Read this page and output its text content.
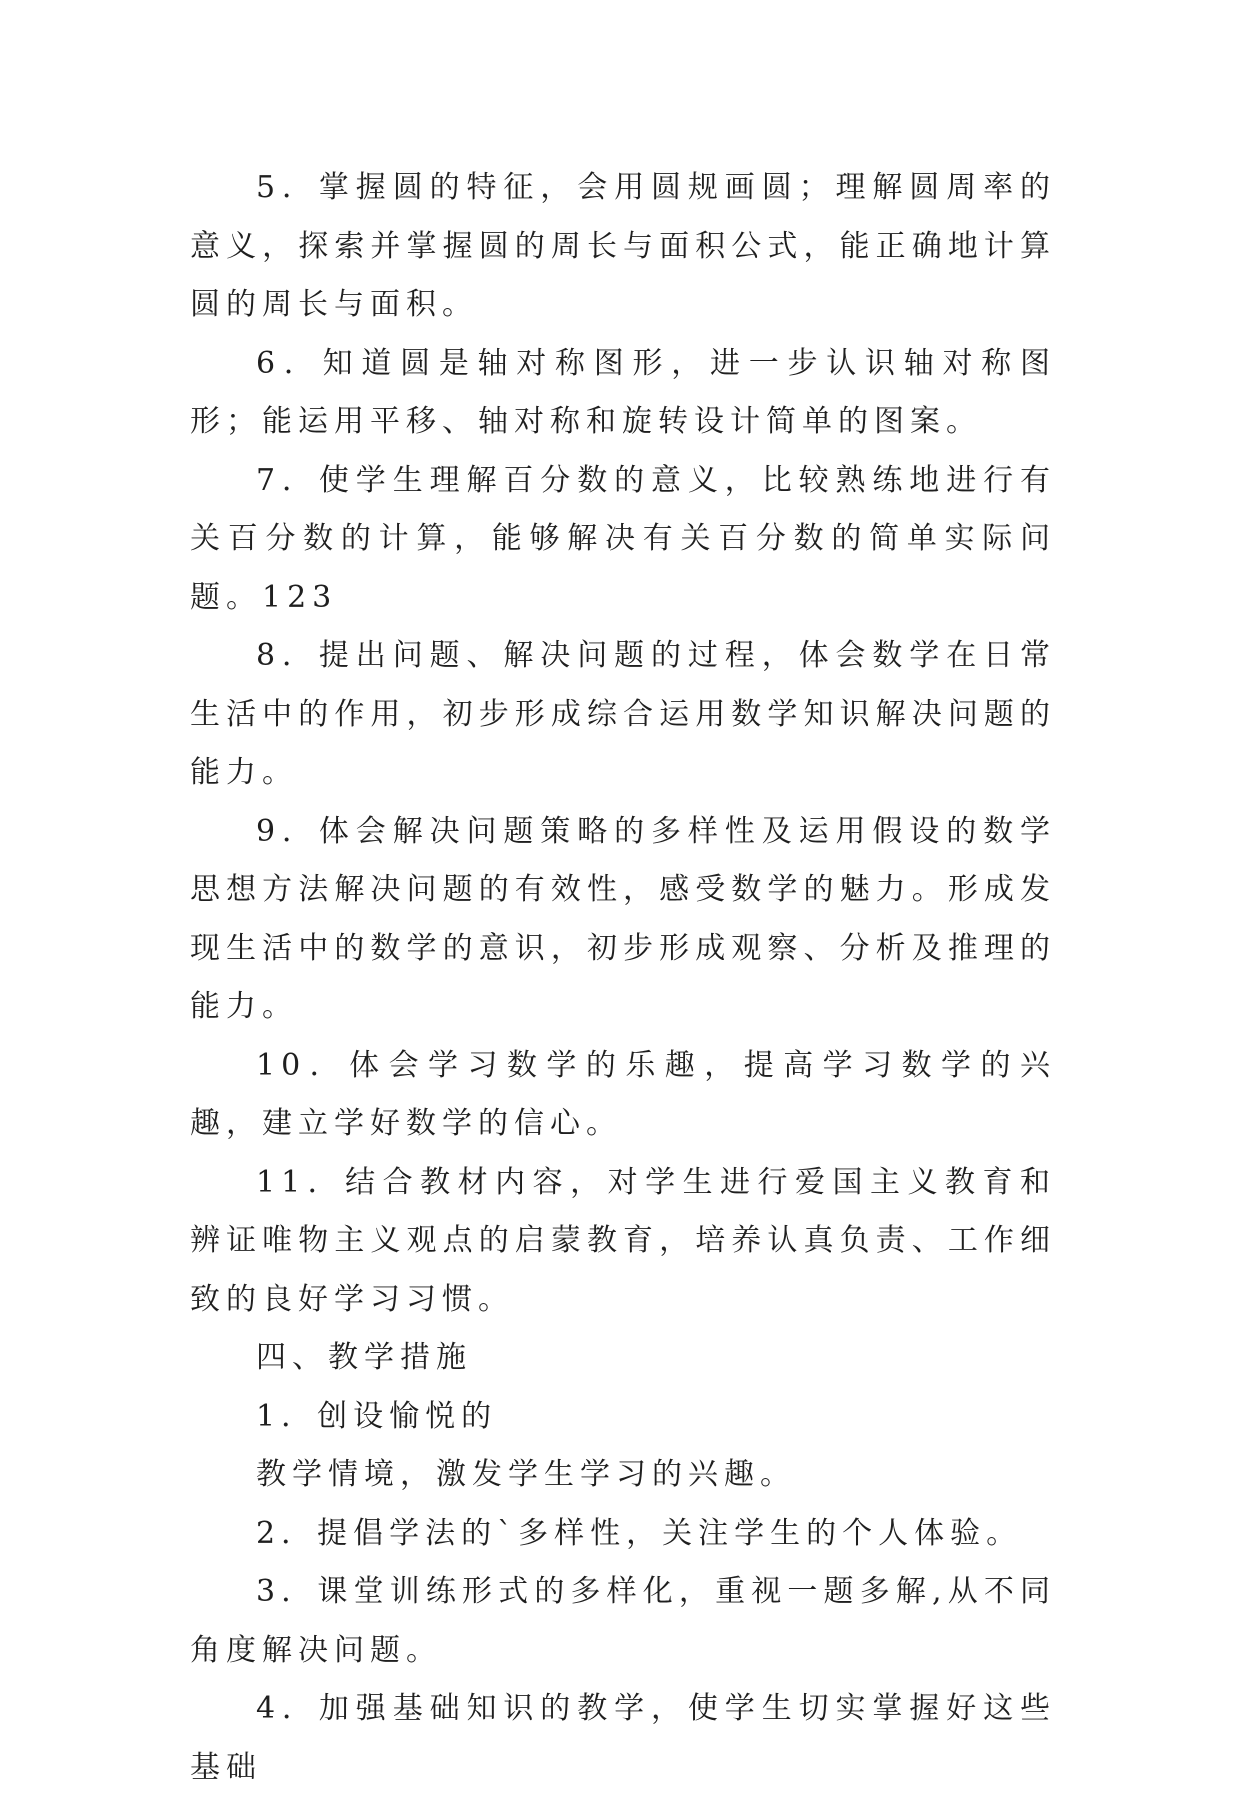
5．掌握圆的特征，会用圆规画圆；理解圆周率的意义，探索并掌握圆的周长与面积公式，能正确地计算圆的周长与面积。

6．知道圆是轴对称图形，进一步认识轴对称图形；能运用平移、轴对称和旋转设计简单的图案。

7．使学生理解百分数的意义，比较熟练地进行有关百分数的计算，能够解决有关百分数的简单实际问题。123

8．提出问题、解决问题的过程，体会数学在日常生活中的作用，初步形成综合运用数学知识解决问题的能力。

9．体会解决问题策略的多样性及运用假设的数学思想方法解决问题的有效性，感受数学的魅力。形成发现生活中的数学的意识，初步形成观察、分析及推理的能力。

10．体会学习数学的乐趣，提高学习数学的兴趣，建立学好数学的信心。

11．结合教材内容，对学生进行爱国主义教育和辨证唯物主义观点的启蒙教育，培养认真负责、工作细致的良好学习习惯。

四、教学措施

1．创设愉悦的

教学情境，激发学生学习的兴趣。

2．提倡学法的`多样性，关注学生的个人体验。

3．课堂训练形式的多样化，重视一题多解,从不同角度解决问题。

4．加强基础知识的教学，使学生切实掌握好这些基础
